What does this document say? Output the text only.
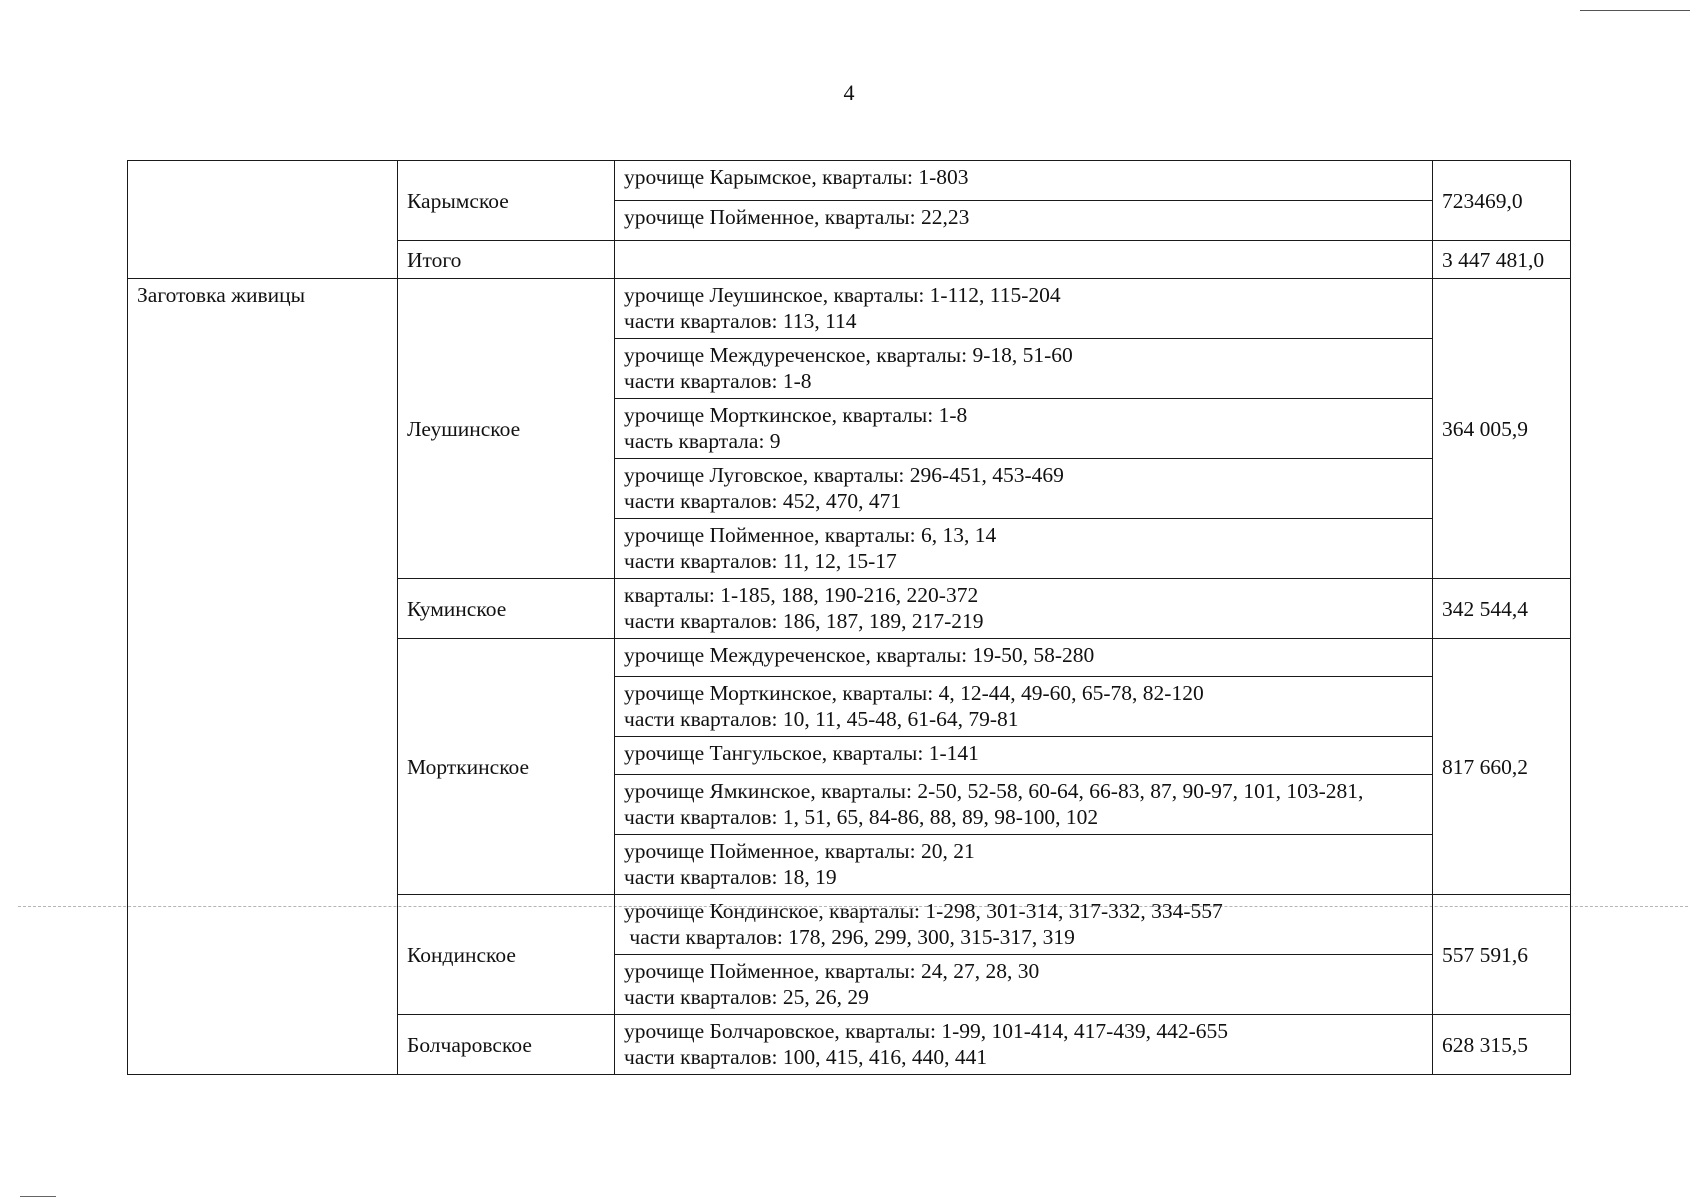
4
	Карымское	урочище Карымское, кварталы: 1-803	723469,0

		урочище Пойменное, кварталы: 22,23	

	Итого		3 447 481,0
Заготовка живицы	Леушинское	урочище Леушинское, кварталы: 1-112, 115-204
части кварталов: 113, 114	364 005,9

		урочище Междуреченское, кварталы: 9-18, 51-60
части кварталов: 1-8	

		урочище Морткинское, кварталы: 1-8
часть квартала: 9	

		урочище Луговское, кварталы: 296-451, 453-469
части кварталов: 452, 470, 471	

		урочище Пойменное, кварталы: 6, 13, 14
части кварталов: 11, 12, 15-17	

	Куминское	кварталы: 1-185, 188, 190-216, 220-372
части кварталов: 186, 187, 189, 217-219	342 544,4
	Морткинское	урочище Междуреченское, кварталы: 19-50, 58-280	817 660,2

		урочище Морткинское, кварталы: 4, 12-44, 49-60, 65-78, 82-120
части кварталов: 10, 11, 45-48, 61-64, 79-81	

		урочище Тангульское, кварталы: 1-141	

		урочище Ямкинское, кварталы: 2-50, 52-58, 60-64, 66-83, 87, 90-97, 101, 103-281,
части кварталов: 1, 51, 65, 84-86, 88, 89, 98-100, 102	

		урочище Пойменное, кварталы: 20, 21
части кварталов: 18, 19	

	Кондинское	урочище Кондинское, кварталы: 1-298, 301-314, 317-332, 334-557
части кварталов: 178, 296, 299, 300, 315-317, 319	557 591,6

		урочище Пойменное, кварталы: 24, 27, 28, 30
части кварталов: 25, 26, 29	

	Болчаровское	урочище Болчаровское, кварталы: 1-99, 101-414, 417-439, 442-655
части кварталов: 100, 415, 416, 440, 441	628 315,5
